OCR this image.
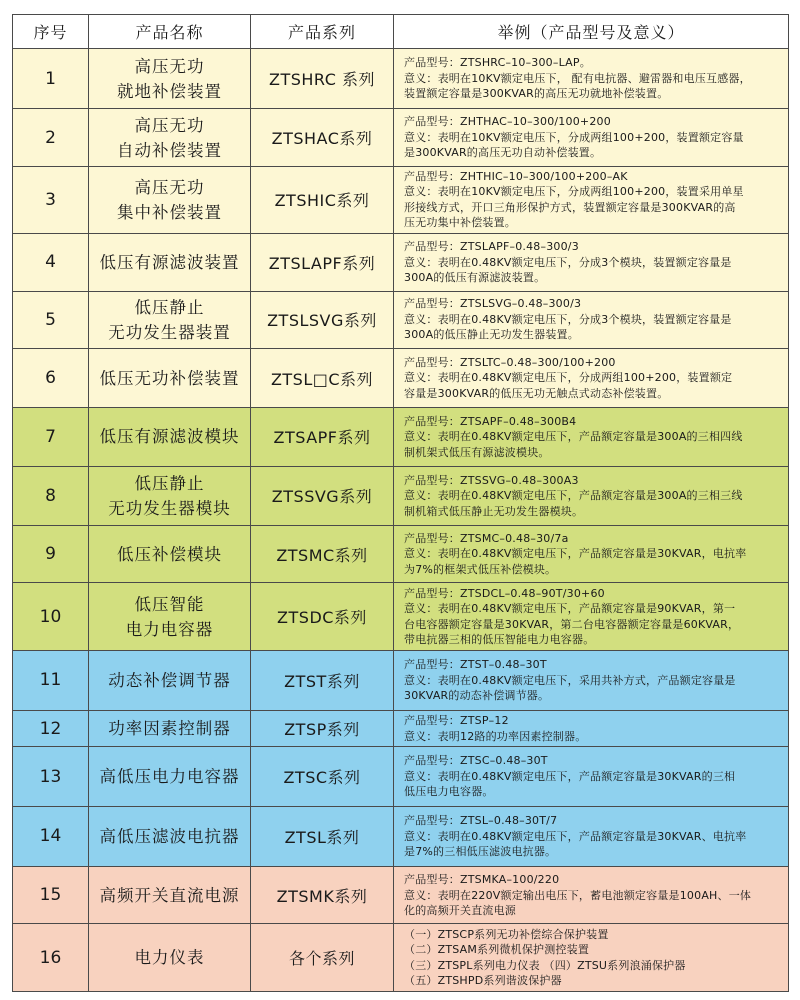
序号	产品名称	产品系列	举例（产品型号及意义）
1	高压无功
就地补偿装置	ZTSHRC 系列	产品型号：ZTSHRC–10–300–LAP。
意义：表明在10KV额定电压下， 配有电抗器、避雷器和电压互感器，
装置额定容量是300KVAR的高压无功就地补偿装置。

2	高压无功
自动补偿装置	ZTSHAC系列	产品型号：ZHTHAC–10–300/100+200
意义：表明在10KV额定电压下，分成两组100+200，装置额定容量
是300KVAR的高压无功自动补偿装置。

3	高压无功
集中补偿装置	ZTSHIC系列	产品型号：ZHTHIC–10–300/100+200–AK
意义：表明在10KV额定电压下，分成两组100+200，装置采用单星
形接线方式，开口三角形保护方式，装置额定容量是300KVAR的高
压无功集中补偿装置。

4	低压有源滤波装置	ZTSLAPF系列	产品型号：ZTSLAPF–0.48–300/3
意义：表明在0.48KV额定电压下，分成3个模块，装置额定容量是
300A的低压有源滤波装置。

5	低压静止
无功发生器装置	ZTSLSVG系列	产品型号：ZTSLSVG–0.48–300/3
意义：表明在0.48KV额定电压下，分成3个模块，装置额定容量是
300A的低压静止无功发生器装置。

6	低压无功补偿装置	ZTSL□C系列	产品型号：ZTSLTC–0.48–300/100+200
意义：表明在0.48KV额定电压下，分成两组100+200，装置额定
容量是300KVAR的低压无功无触点式动态补偿装置。

7	低压有源滤波模块	ZTSAPF系列	产品型号：ZTSAPF–0.48–300B4
意义：表明在0.48KV额定电压下，产品额定容量是300A的三相四线
制机架式低压有源滤波模块。

8	低压静止
无功发生器模块	ZTSSVG系列	产品型号：ZTSSVG–0.48–300A3
意义：表明在0.48KV额定电压下，产品额定容量是300A的三相三线
制机箱式低压静止无功发生器模块。

9	低压补偿模块	ZTSMC系列	产品型号：ZTSMC–0.48–30/7a
意义：表明在0.48KV额定电压下，产品额定容量是30KVAR，电抗率
为7%的框架式低压补偿模块。

10	低压智能
电力电容器	ZTSDC系列	产品型号：ZTSDCL–0.48–90T/30+60
意义：表明在0.48KV额定电压下，产品额定容量是90KVAR，第一
台电容器额定容量是30KVAR，第二台电容器额定容量是60KVAR，
带电抗器三相的低压智能电力电容器。

11	动态补偿调节器	ZTST系列	产品型号：ZTST–0.48–30T
意义：表明在0.48KV额定电压下，采用共补方式，产品额定容量是
30KVAR的动态补偿调节器。

12	功率因素控制器	ZTSP系列	产品型号：ZTSP–12
意义：表明12路的功率因素控制器。

13	高低压电力电容器	ZTSC系列	产品型号：ZTSC–0.48–30T
意义：表明在0.48KV额定电压下，产品额定容量是30KVAR的三相
低压电力电容器。

14	高低压滤波电抗器	ZTSL系列	产品型号：ZTSL–0.48–30T/7
意义：表明在0.48KV额定电压下，产品额定容量是30KVAR、电抗率
是7%的三相低压滤波电抗器。

15	高频开关直流电源	ZTSMK系列	产品型号：ZTSMKA–100/220
意义：表明在220V额定输出电压下，蓄电池额定容量是100AH、一体
化的高频开关直流电源

16	电力仪表	各个系列	（一）ZTSCP系列无功补偿综合保护装置
（二）ZTSAM系列微机保护测控装置
（三）ZTSPL系列电力仪表 （四）ZTSU系列浪涌保护器
（五）ZTSHPD系列谐波保护器
